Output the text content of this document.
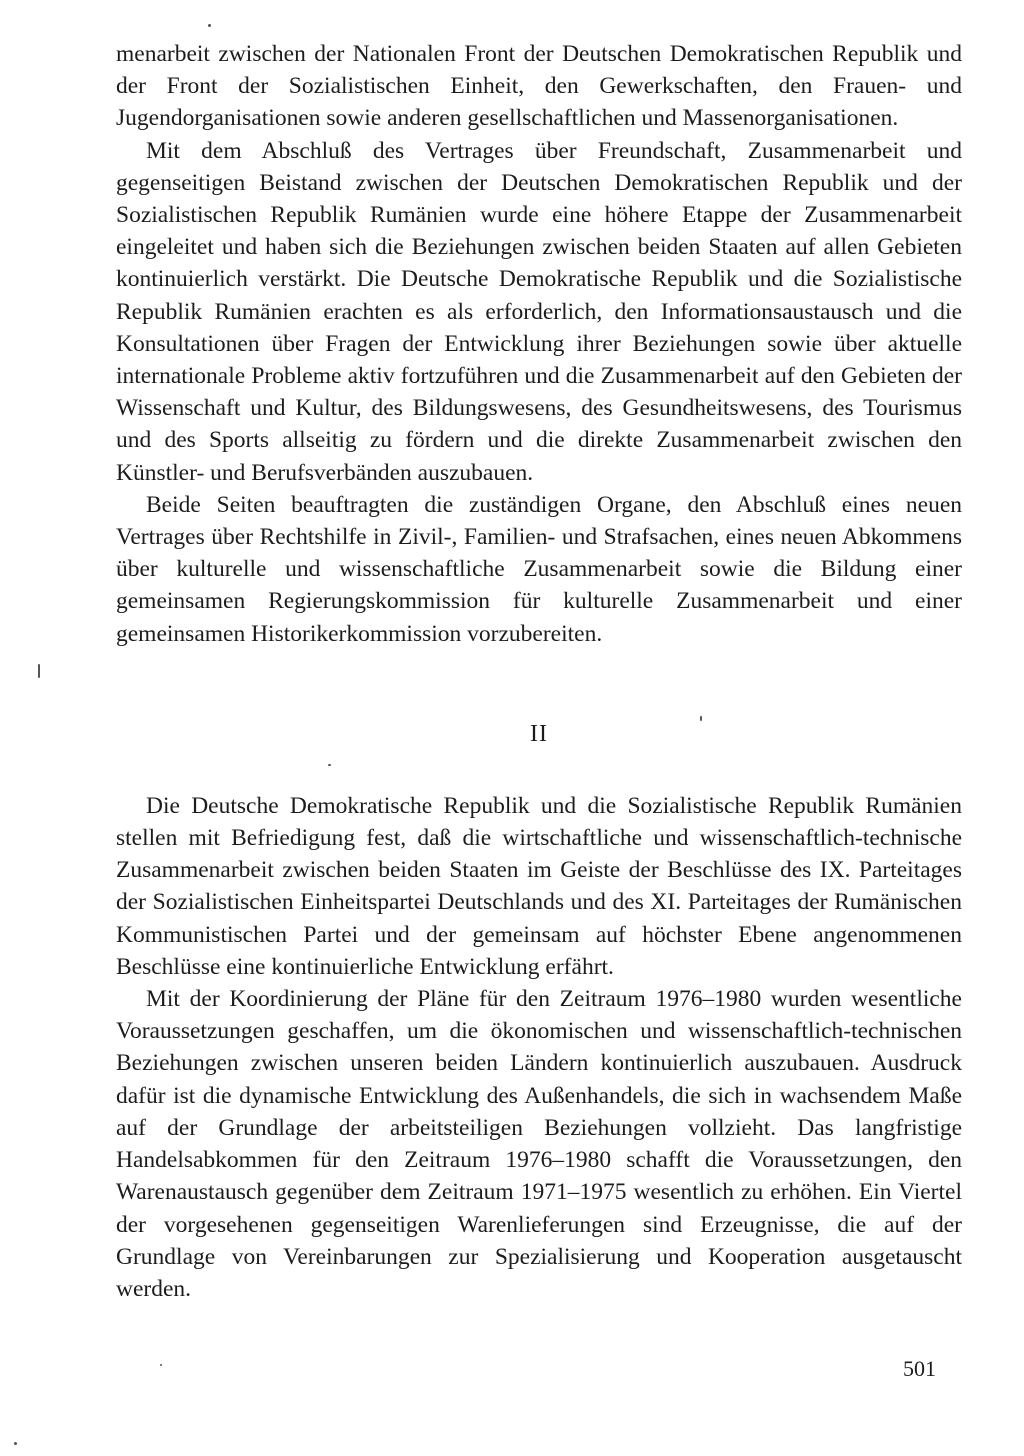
menarbeit zwischen der Nationalen Front der Deutschen Demokratischen Republik und der Front der Sozialistischen Einheit, den Gewerkschaften, den Frauen- und Jugendorganisationen sowie anderen gesellschaftlichen und Massenorganisationen.

Mit dem Abschluß des Vertrages über Freundschaft, Zusammenarbeit und gegenseitigen Beistand zwischen der Deutschen Demokratischen Republik und der Sozialistischen Republik Rumänien wurde eine höhere Etappe der Zusammenarbeit eingeleitet und haben sich die Beziehungen zwischen beiden Staaten auf allen Gebieten kontinuierlich verstärkt. Die Deutsche Demokratische Republik und die Sozialistische Republik Rumänien erachten es als erforderlich, den Informationsaustausch und die Konsultationen über Fragen der Entwicklung ihrer Beziehungen sowie über aktuelle internationale Probleme aktiv fortzuführen und die Zusammenarbeit auf den Gebieten der Wissenschaft und Kultur, des Bildungswesens, des Gesundheitswesens, des Tourismus und des Sports allseitig zu fördern und die direkte Zusammenarbeit zwischen den Künstler- und Berufsverbänden auszubauen.

Beide Seiten beauftragten die zuständigen Organe, den Abschluß eines neuen Vertrages über Rechtshilfe in Zivil-, Familien- und Strafsachen, eines neuen Abkommens über kulturelle und wissenschaftliche Zusammenarbeit sowie die Bildung einer gemeinsamen Regierungskommission für kulturelle Zusammenarbeit und einer gemeinsamen Historikerkommission vorzubereiten.

II

Die Deutsche Demokratische Republik und die Sozialistische Republik Rumänien stellen mit Befriedigung fest, daß die wirtschaftliche und wissenschaftlich-technische Zusammenarbeit zwischen beiden Staaten im Geiste der Beschlüsse des IX. Parteitages der Sozialistischen Einheitspartei Deutschlands und des XI. Parteitages der Rumänischen Kommunistischen Partei und der gemeinsam auf höchster Ebene angenommenen Beschlüsse eine kontinuierliche Entwicklung erfährt.

Mit der Koordinierung der Pläne für den Zeitraum 1976–1980 wurden wesentliche Voraussetzungen geschaffen, um die ökonomischen und wissenschaftlich-technischen Beziehungen zwischen unseren beiden Ländern kontinuierlich auszubauen. Ausdruck dafür ist die dynamische Entwicklung des Außenhandels, die sich in wachsendem Maße auf der Grundlage der arbeitsteiligen Beziehungen vollzieht. Das langfristige Handelsabkommen für den Zeitraum 1976–1980 schafft die Voraussetzungen, den Warenaustausch gegenüber dem Zeitraum 1971–1975 wesentlich zu erhöhen. Ein Viertel der vorgesehenen gegenseitigen Warenlieferungen sind Erzeugnisse, die auf der Grundlage von Vereinbarungen zur Spezialisierung und Kooperation ausgetauscht werden.

501
